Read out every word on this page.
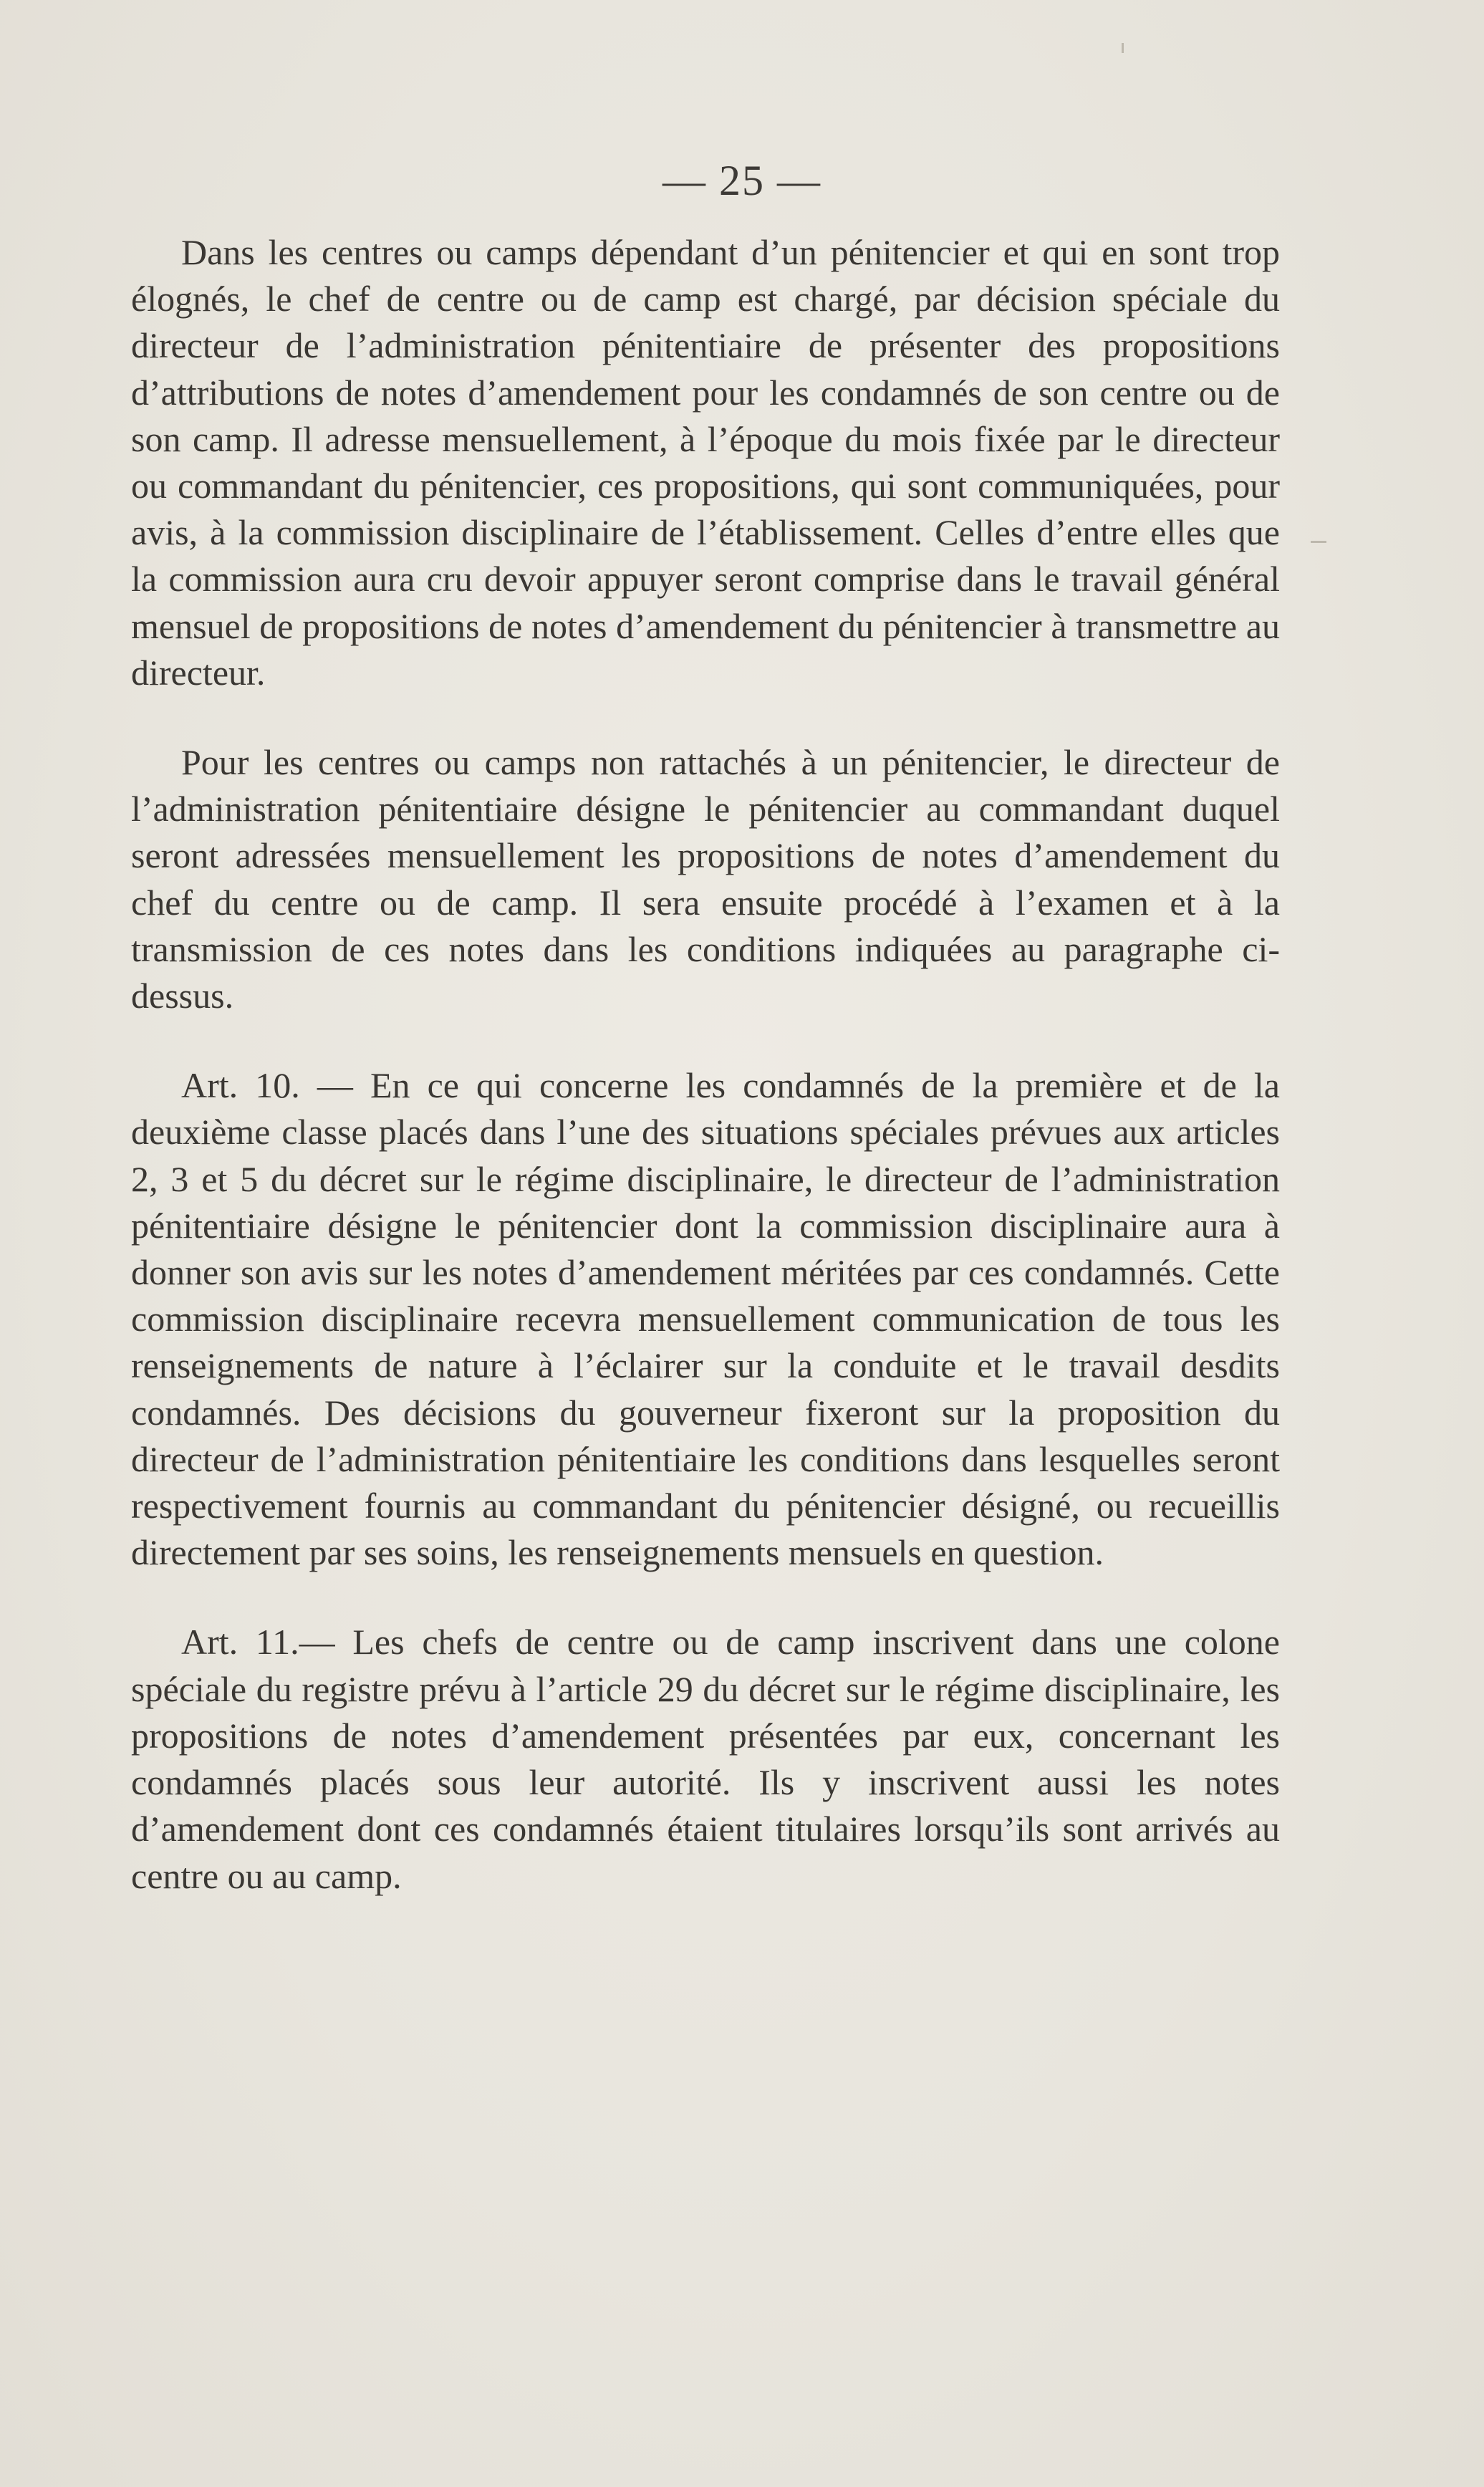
— 25 —

Dans les centres ou camps dépendant d’un pénitencier et qui en sont trop élognés, le chef de centre ou de camp est chargé, par décision spéciale du directeur de l’administration pénitentiaire de présenter des propositions d’attributions de notes d’amendement pour les condamnés de son centre ou de son camp. Il adresse mensuellement, à l’époque du mois fixée par le directeur ou commandant du pénitencier, ces propositions, qui sont communiquées, pour avis, à la commission disciplinaire de l’établissement. Celles d’entre elles que la commission aura cru devoir appuyer seront comprise dans le travail général mensuel de propositions de notes d’amendement du pénitencier à transmettre au directeur.

Pour les centres ou camps non rattachés à un pénitencier, le directeur de l’administration pénitentiaire désigne le pénitencier au commandant duquel seront adressées mensuellement les propositions de notes d’amendement du chef du centre ou de camp. Il sera ensuite procédé à l’examen et à la transmission de ces notes dans les conditions indiquées au paragraphe ci-dessus.

Art. 10. — En ce qui concerne les condamnés de la première et de la deuxième classe placés dans l’une des situations spéciales prévues aux articles 2, 3 et 5 du décret sur le régime disciplinaire, le directeur de l’administration pénitentiaire désigne le pénitencier dont la commission disciplinaire aura à donner son avis sur les notes d’amendement méritées par ces condamnés. Cette commission disciplinaire recevra mensuellement communication de tous les renseignements de nature à l’éclairer sur la conduite et le travail desdits condamnés. Des décisions du gouverneur fixeront sur la proposition du directeur de l’administration pénitentiaire les conditions dans lesquelles seront respectivement fournis au commandant du pénitencier désigné, ou recueillis directement par ses soins, les renseignements mensuels en question.

Art. 11.— Les chefs de centre ou de camp inscrivent dans une colone spéciale du registre prévu à l’article 29 du décret sur le régime disciplinaire, les propositions de notes d’amendement présentées par eux, concernant les condamnés placés sous leur autorité. Ils y inscrivent aussi les notes d’amendement dont ces condamnés étaient titulaires lorsqu’ils sont arrivés au centre ou au camp.
